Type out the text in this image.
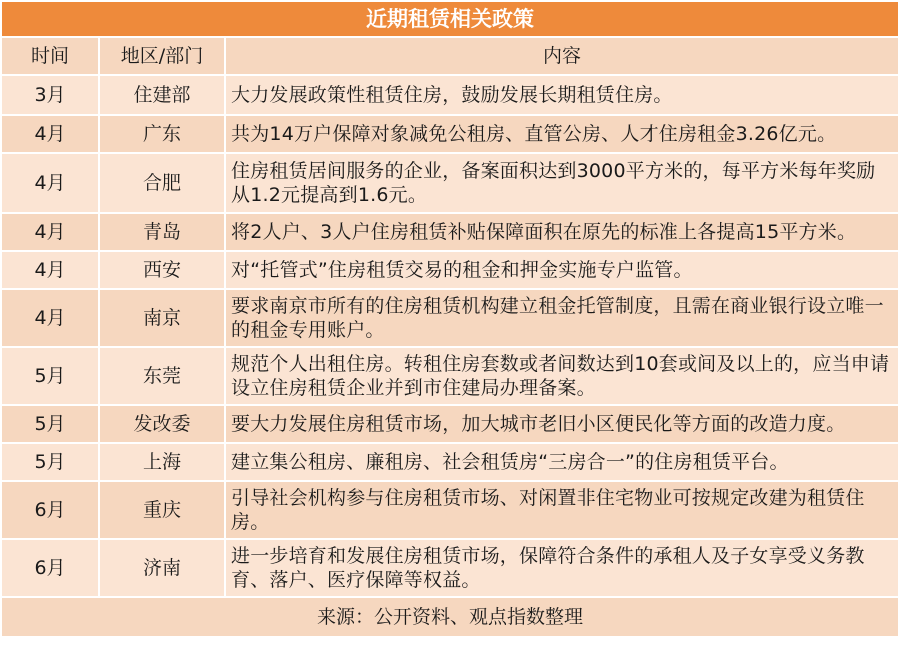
近期租赁相关政策		
时间	地区/部门	内容
3月	住建部	大力发展政策性租赁住房，鼓励发展长期租赁住房。
4月	广东	共为14万户保障对象减免公租房、直管公房、人才住房租金3.26亿元。
4月	合肥	住房租赁居间服务的企业，备案面积达到3000平方米的，每平方米每年奖励从1.2元提高到1.6元。
4月	青岛	将2人户、3人户住房租赁补贴保障面积在原先的标准上各提高15平方米。
4月	西安	对“托管式”住房租赁交易的租金和押金实施专户监管。
4月	南京	要求南京市所有的住房租赁机构建立租金托管制度，且需在商业银行设立唯一的租金专用账户。
5月	东莞	规范个人出租住房。转租住房套数或者间数达到10套或间及以上的，应当申请设立住房租赁企业并到市住建局办理备案。
5月	发改委	要大力发展住房租赁市场，加大城市老旧小区便民化等方面的改造力度。
5月	上海	建立集公租房、廉租房、社会租赁房“三房合一”的住房租赁平台。
6月	重庆	引导社会机构参与住房租赁市场、对闲置非住宅物业可按规定改建为租赁住房。
6月	济南	进一步培育和发展住房租赁市场，保障符合条件的承租人及子女享受义务教育、落户、医疗保障等权益。
来源：公开资料、观点指数整理		
